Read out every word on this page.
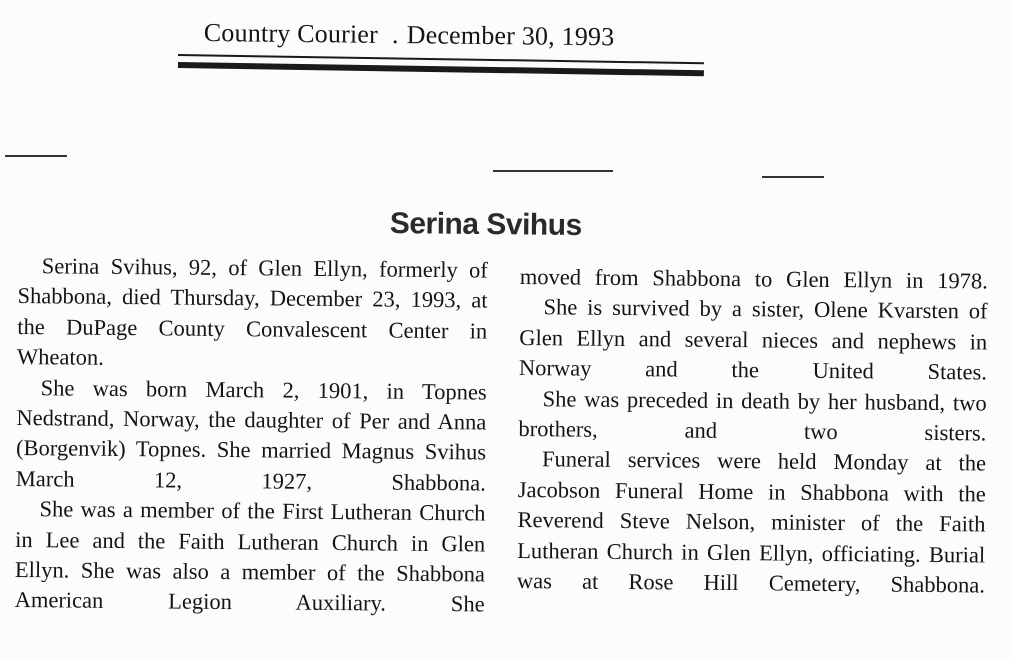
Country Courier . December 30, 1993
Serina Svihus
Serina Svihus, 92, of Glen Ellyn, formerly of Shabbona, died Thursday, December 23, 1993, at the DuPage County Convalescent Center in Wheaton.
She was born March 2, 1901, in Topnes Nedstrand, Norway, the daughter of Per and Anna (Borgenvik) Topnes. She married Magnus Svihus March 12, 1927, Shabbona.
She was a member of the First Lutheran Church in Lee and the Faith Lutheran Church in Glen Ellyn. She was also a member of the Shabbona American Legion Auxiliary. She
moved from Shabbona to Glen Ellyn in 1978.
She is survived by a sister, Olene Kvarsten of Glen Ellyn and several nieces and nephews in Norway and the United States.
She was preceded in death by her husband, two brothers, and two sisters.
Funeral services were held Monday at the Jacobson Funeral Home in Shabbona with the Reverend Steve Nelson, minister of the Faith Lutheran Church in Glen Ellyn, officiating. Burial was at Rose Hill Cemetery, Shabbona.
